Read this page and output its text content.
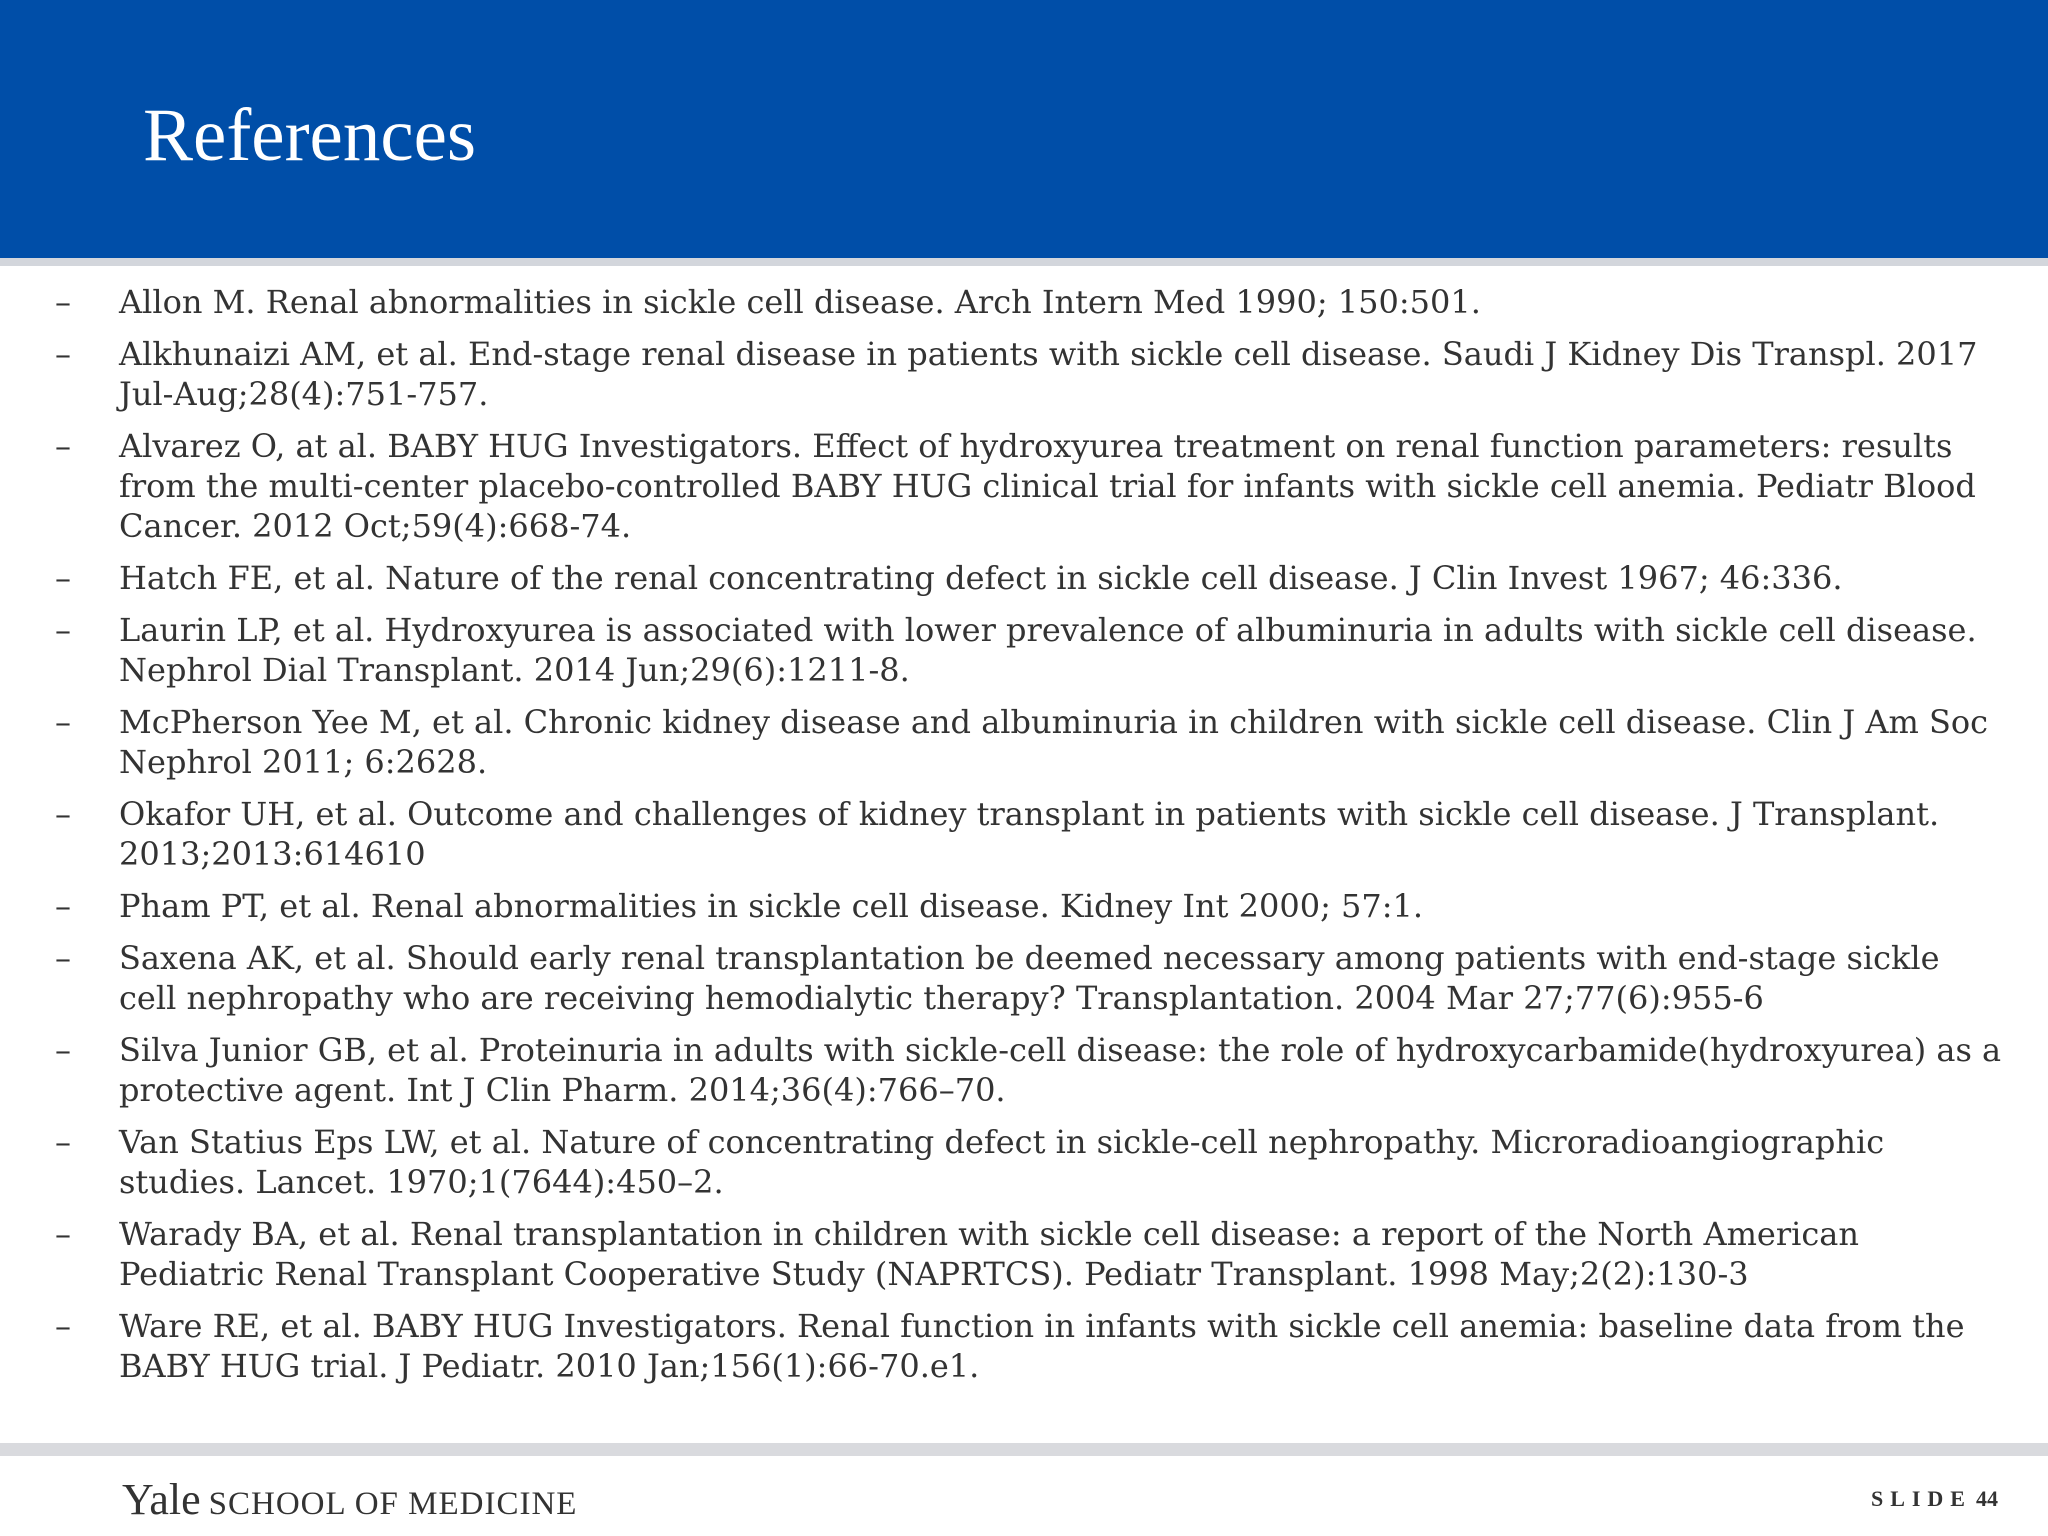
References
– Allon M. Renal abnormalities in sickle cell disease. Arch Intern Med 1990; 150:501.
– Alkhunaizi AM, et al. End-stage renal disease in patients with sickle cell disease. Saudi J Kidney Dis Transpl. 2017 Jul-Aug;28(4):751-757.
– Alvarez O, at al. BABY HUG Investigators. Effect of hydroxyurea treatment on renal function parameters: results from the multi-center placebo-controlled BABY HUG clinical trial for infants with sickle cell anemia. Pediatr Blood Cancer. 2012 Oct;59(4):668-74.
– Hatch FE, et al. Nature of the renal concentrating defect in sickle cell disease. J Clin Invest 1967; 46:336.
– Laurin LP, et al. Hydroxyurea is associated with lower prevalence of albuminuria in adults with sickle cell disease. Nephrol Dial Transplant. 2014 Jun;29(6):1211-8.
– McPherson Yee M, et al. Chronic kidney disease and albuminuria in children with sickle cell disease. Clin J Am Soc Nephrol 2011; 6:2628.
– Okafor UH, et al. Outcome and challenges of kidney transplant in patients with sickle cell disease. J Transplant. 2013;2013:614610
– Pham PT, et al. Renal abnormalities in sickle cell disease. Kidney Int 2000; 57:1.
– Saxena AK, et al. Should early renal transplantation be deemed necessary among patients with end-stage sickle cell nephropathy who are receiving hemodialytic therapy? Transplantation. 2004 Mar 27;77(6):955-6
– Silva Junior GB, et al. Proteinuria in adults with sickle-cell disease: the role of hydroxycarbamide(hydroxyurea) as a protective agent. Int J Clin Pharm. 2014;36(4):766–70.
– Van Statius Eps LW, et al. Nature of concentrating defect in sickle-cell nephropathy. Microradioangiographic studies. Lancet. 1970;1(7644):450–2.
– Warady BA, et al. Renal transplantation in children with sickle cell disease: a report of the North American Pediatric Renal Transplant Cooperative Study (NAPRTCS). Pediatr Transplant. 1998 May;2(2):130-3
– Ware RE, et al. BABY HUG Investigators. Renal function in infants with sickle cell anemia: baseline data from the BABY HUG trial. J Pediatr. 2010 Jan;156(1):66-70.e1.
Yale SCHOOL OF MEDICINE	SLIDE 44
